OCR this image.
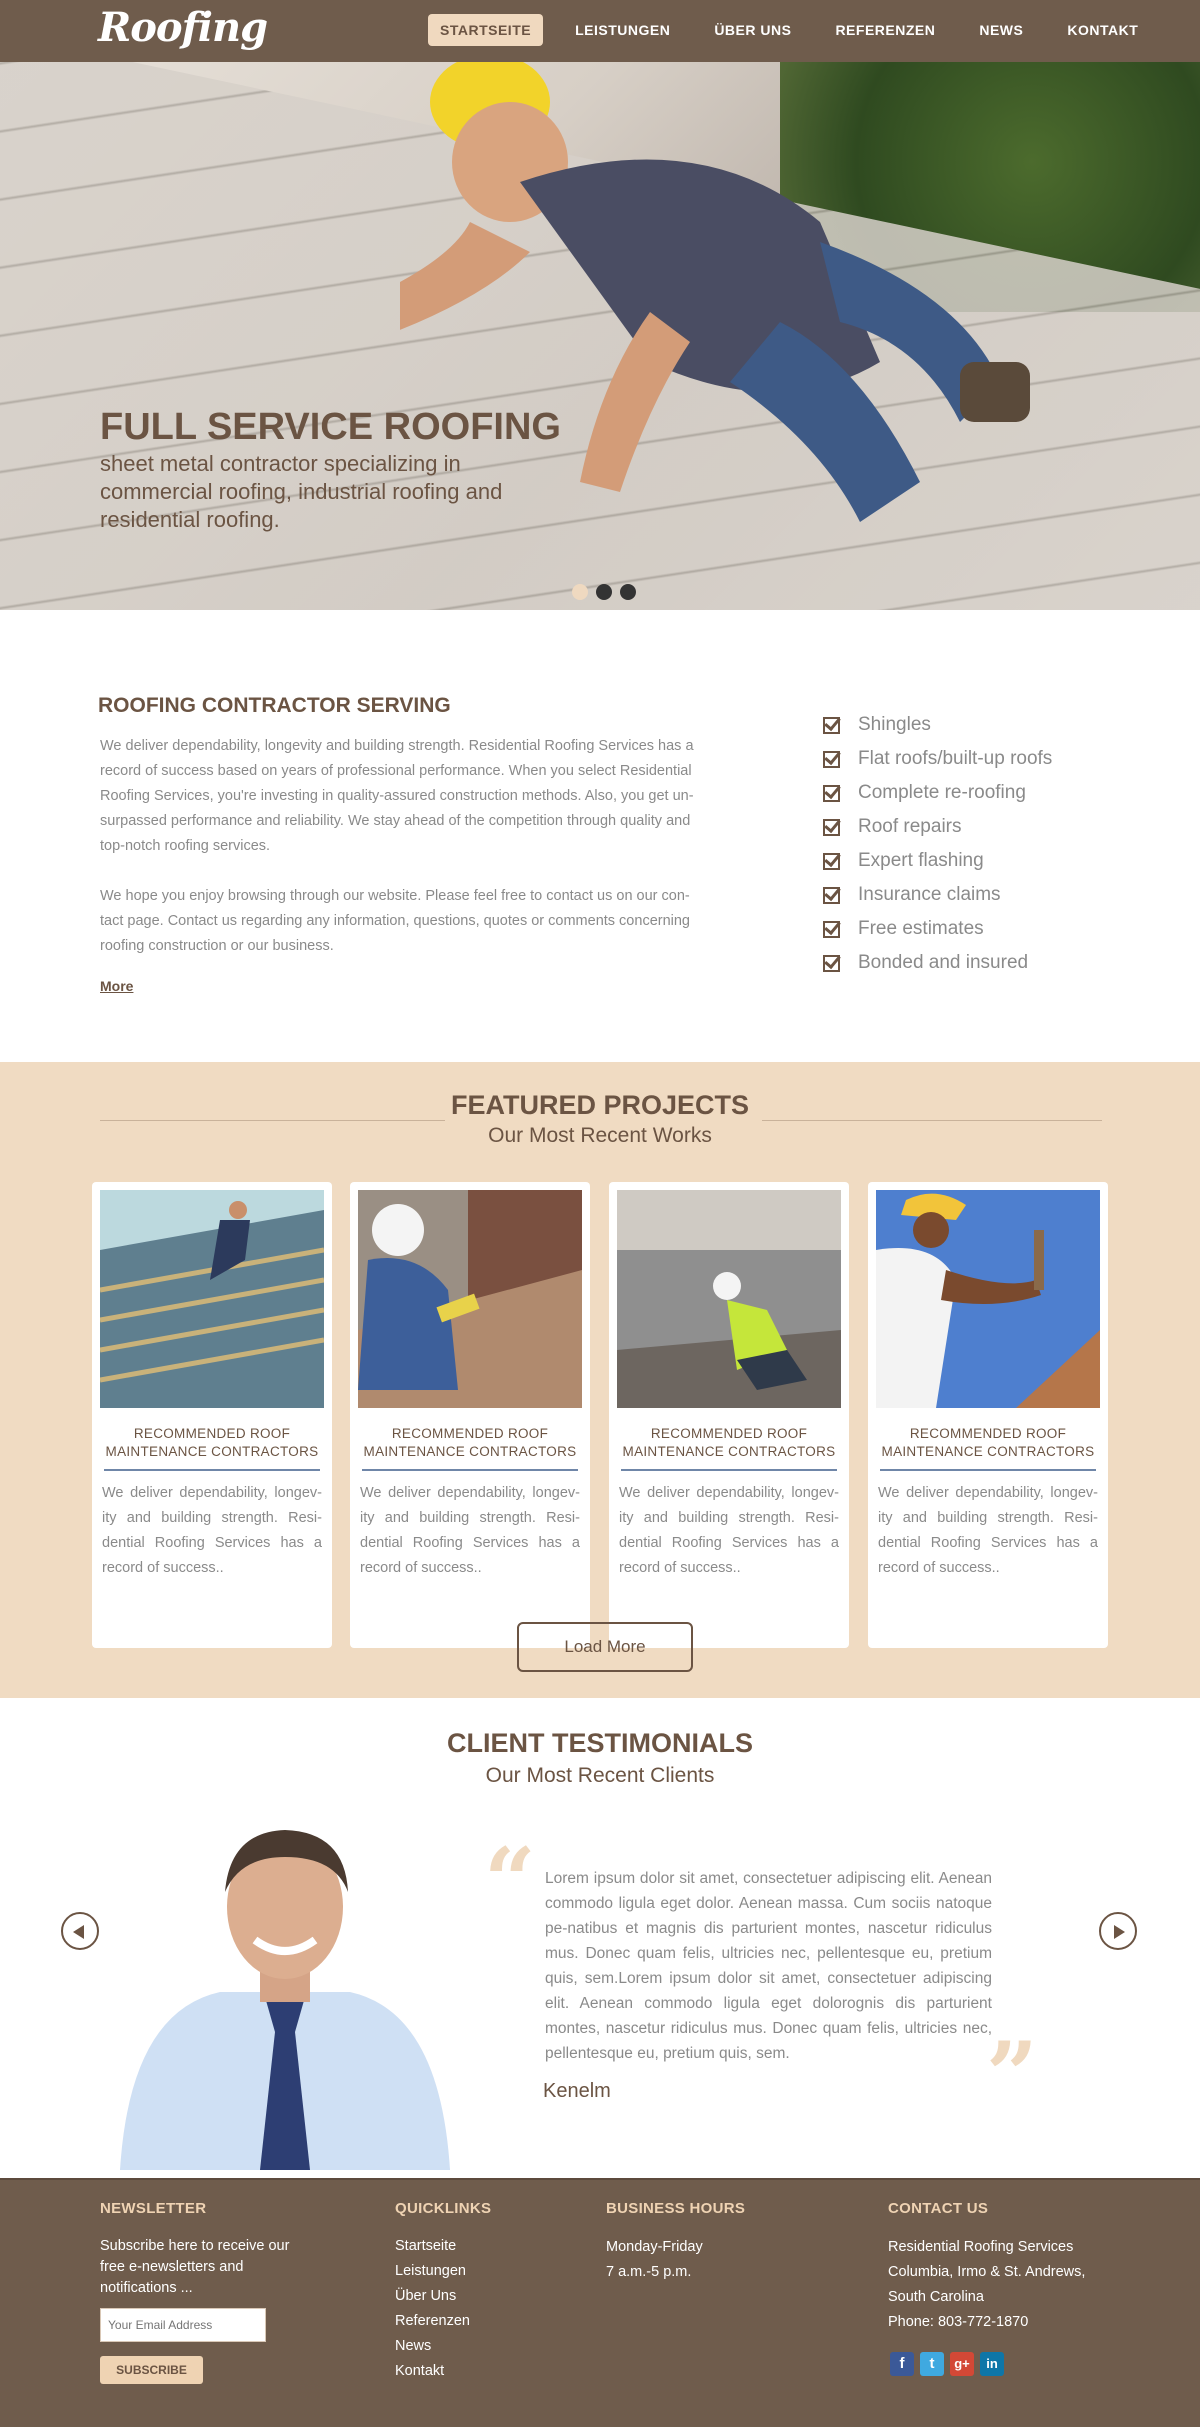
Roofing	STARTSEITE	LEISTUNGEN	ÜBER UNS	REFERENZEN	NEWS	KONTAKT
FULL SERVICE ROOFING
sheet metal contractor specializing in commercial roofing, industrial roofing and residential roofing.
ROOFING CONTRACTOR SERVING

We deliver dependability, longevity and building strength. Residential Roofing Services has a record of success based on years of professional performance. When you select Residential Roofing Services, you're investing in quality-assured construction methods. Also, you get un-surpassed performance and reliability. We stay ahead of the competition through quality and top-notch roofing services.

We hope you enjoy browsing through our website. Please feel free to contact us on our con-tact page. Contact us regarding any information, questions, quotes or comments concerning roofing construction or our business.

More
Shingles
Flat roofs/built-up roofs
Complete re-roofing
Roof repairs
Expert flashing
Insurance claims
Free estimates
Bonded and insured
FEATURED PROJECTS
Our Most Recent Works
RECOMMENDED ROOF MAINTENANCE CONTRACTORS
We deliver dependability, longev-ity and building strength. Resi-dential Roofing Services has a record of success..
RECOMMENDED ROOF MAINTENANCE CONTRACTORS
We deliver dependability, longev-ity and building strength. Resi-dential Roofing Services has a record of success..
RECOMMENDED ROOF MAINTENANCE CONTRACTORS
We deliver dependability, longev-ity and building strength. Resi-dential Roofing Services has a record of success..
RECOMMENDED ROOF MAINTENANCE CONTRACTORS
We deliver dependability, longev-ity and building strength. Resi-dential Roofing Services has a record of success..
Load More
CLIENT TESTIMONIALS
Our Most Recent Clients
“
”

Lorem ipsum dolor sit amet, consectetuer adipiscing elit. Aenean commodo ligula eget dolor. Aenean massa. Cum sociis natoque pe-natibus et magnis dis parturient montes, nascetur ridiculus mus. Donec quam felis, ultricies nec, pellentesque eu, pretium quis, sem.Lorem ipsum dolor sit amet, consectetuer adipiscing elit. Aenean commodo ligula eget dolorognis dis parturient montes, nascetur ridiculus mus. Donec quam felis, ultricies nec, pellentesque eu, pretium quis, sem.

Kenelm
NEWSLETTER
Subscribe here to receive our free e-newsletters and notifications ...
Your Email Address
SUBSCRIBE
QUICKLINKS
Startseite
Leistungen
Über Uns
Referenzen
News
Kontakt
BUSINESS HOURS
Monday-Friday
7 a.m.-5 p.m.
CONTACT US
Residential Roofing Services
Columbia, Irmo & St. Andrews, South Carolina
Phone: 803-772-1870
f	t	g+	in
